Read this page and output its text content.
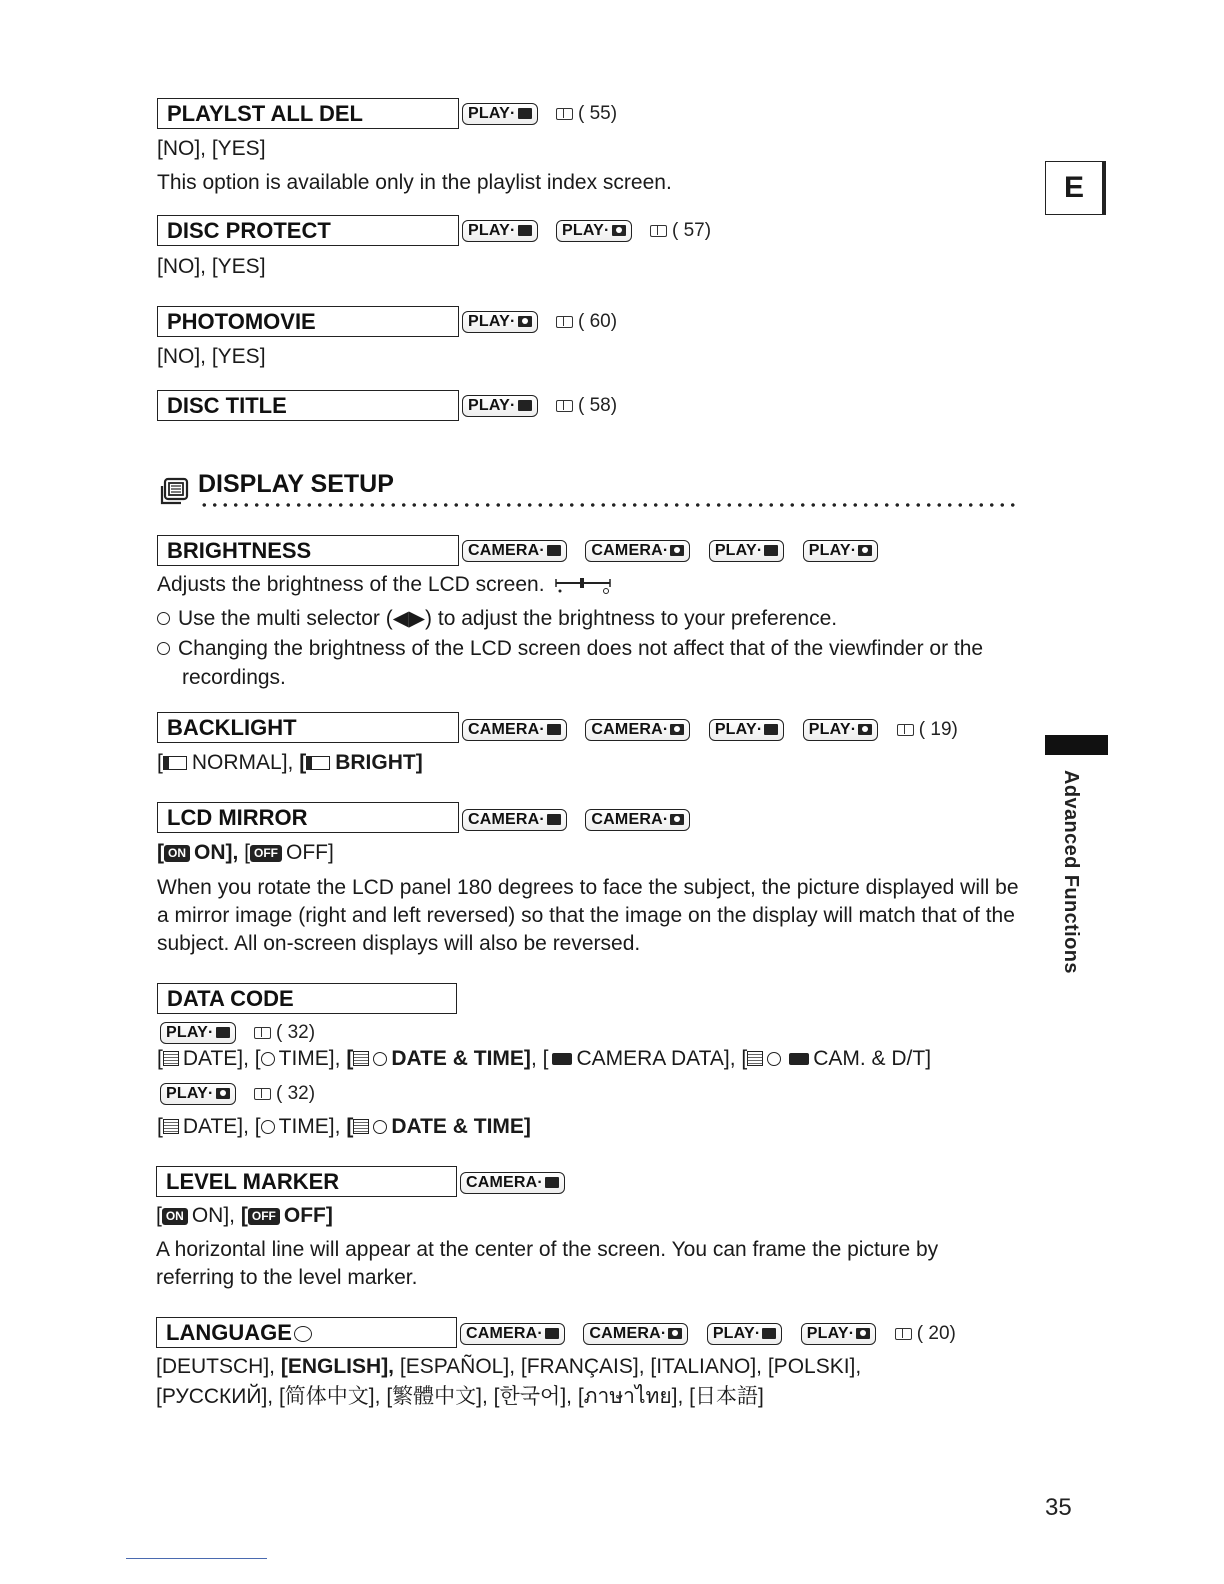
E
Advanced Functions
PLAYLST ALL DEL	PLAY·	( 55)
[NO], [YES]
This option is available only in the playlist index screen.
DISC PROTECT	PLAY·	PLAY·	( 57)
[NO], [YES]
PHOTOMOVIE	PLAY·	( 60)
[NO], [YES]
DISC TITLE	PLAY·	( 58)
DISPLAY SETUP
BRIGHTNESS	CAMERA·	CAMERA·	PLAY·	PLAY·
Adjusts the brightness of the LCD screen.
Use the multi selector (◀▶) to adjust the brightness to your preference.
Changing the brightness of the LCD screen does not affect that of the viewfinder or the
recordings.
BACKLIGHT	CAMERA·	CAMERA·	PLAY·	PLAY·	( 19)
[ NORMAL], [ BRIGHT]
LCD MIRROR	CAMERA·	CAMERA·
[ ON ON], [ OFF OFF]
When you rotate the LCD panel 180 degrees to face the subject, the picture displayed will be a mirror image (right and left reversed) so that the image on the display will match that of the subject. All on-screen displays will also be reversed.
DATA CODE
PLAY·	( 32)
[ DATE], [ TIME], [ DATE & TIME], [ CAMERA DATA], [	CAM. & D/T]
PLAY·	( 32)
[ DATE], [ TIME], [ DATE & TIME]
LEVEL MARKER	CAMERA·
[ ON ON], [ OFF OFF]
A horizontal line will appear at the center of the screen. You can frame the picture by referring to the level marker.
LANGUAGE	CAMERA·	CAMERA·	PLAY·	PLAY·	( 20)
[DEUTSCH], [ENGLISH], [ESPAÑOL], [FRANÇAIS], [ITALIANO], [POLSKI],
[РУССКИЙ], [简体中文], [繁體中文], [한국어], [ภาษาไทย], [日本語]
35
